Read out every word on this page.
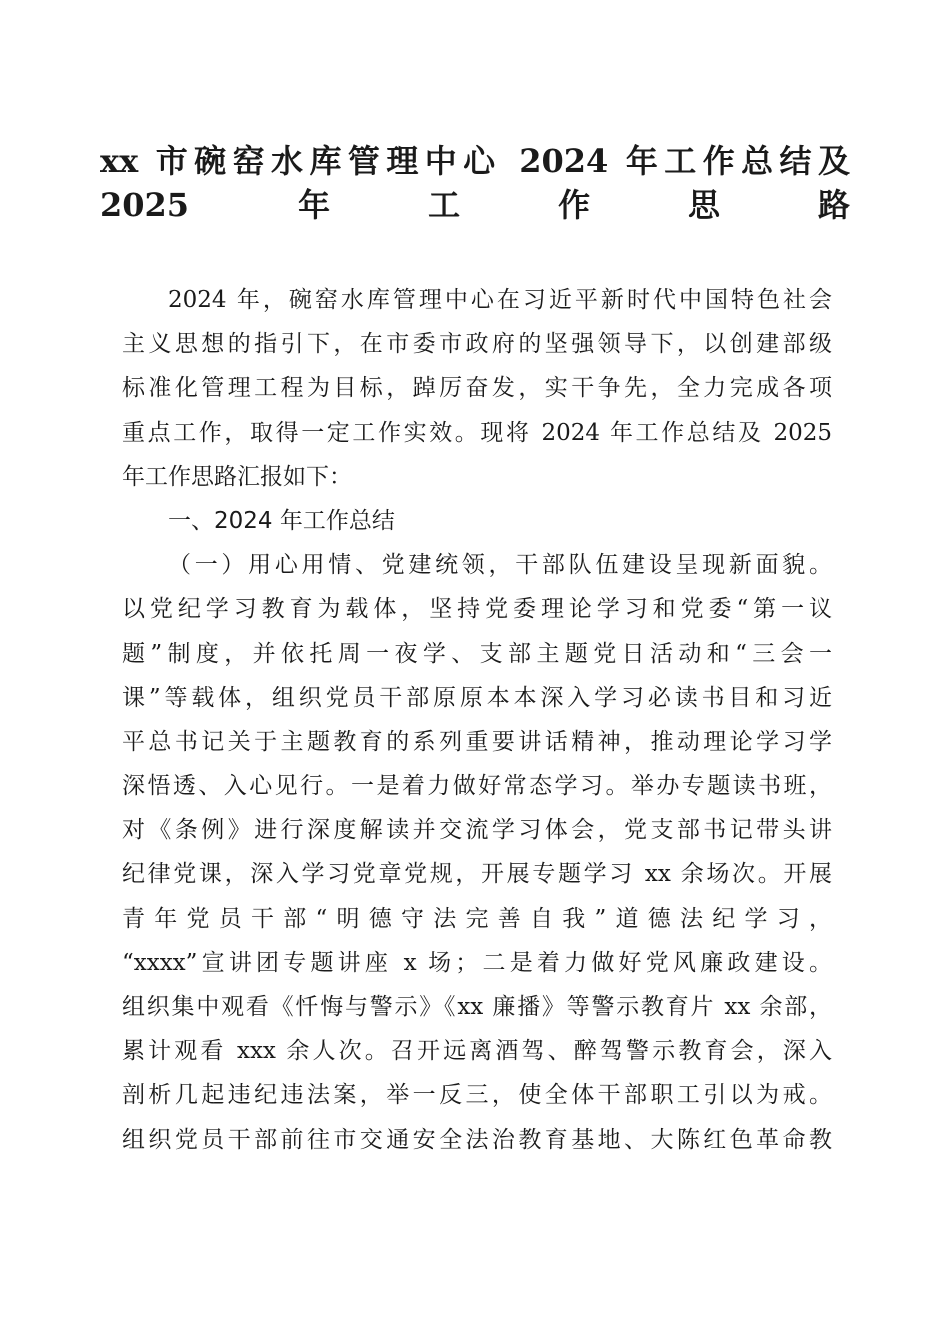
xx 市碗窑水库管理中心 2024 年工作总结及
2025 年工作思路
2024 年，碗窑水库管理中心在习近平新时代中国特色社会
主义思想的指引下，在市委市政府的坚强领导下，以创建部级
标准化管理工程为目标，踔厉奋发，实干争先，全力完成各项
重点工作，取得一定工作实效。现将 2024 年工作总结及 2025
年工作思路汇报如下：
一、2024 年工作总结
（一）用心用情、党建统领，干部队伍建设呈现新面貌。
以党纪学习教育为载体，坚持党委理论学习和党委“第一议
题”制度，并依托周一夜学、支部主题党日活动和“三会一
课”等载体，组织党员干部原原本本深入学习必读书目和习近
平总书记关于主题教育的系列重要讲话精神，推动理论学习学
深悟透、入心见行。一是着力做好常态学习。举办专题读书班，
对《条例》进行深度解读并交流学习体会，党支部书记带头讲
纪律党课，深入学习党章党规，开展专题学习 xx 余场次。开展
青年党员干部“明德守法完善自我”道德法纪学习，
“xxxx”宣讲团专题讲座 x 场；二是着力做好党风廉政建设。
组织集中观看《忏悔与警示》《xx 廉播》等警示教育片 xx 余部，
累计观看 xxx 余人次。召开远离酒驾、醉驾警示教育会，深入
剖析几起违纪违法案，举一反三，使全体干部职工引以为戒。
组织党员干部前往市交通安全法治教育基地、大陈红色革命教
